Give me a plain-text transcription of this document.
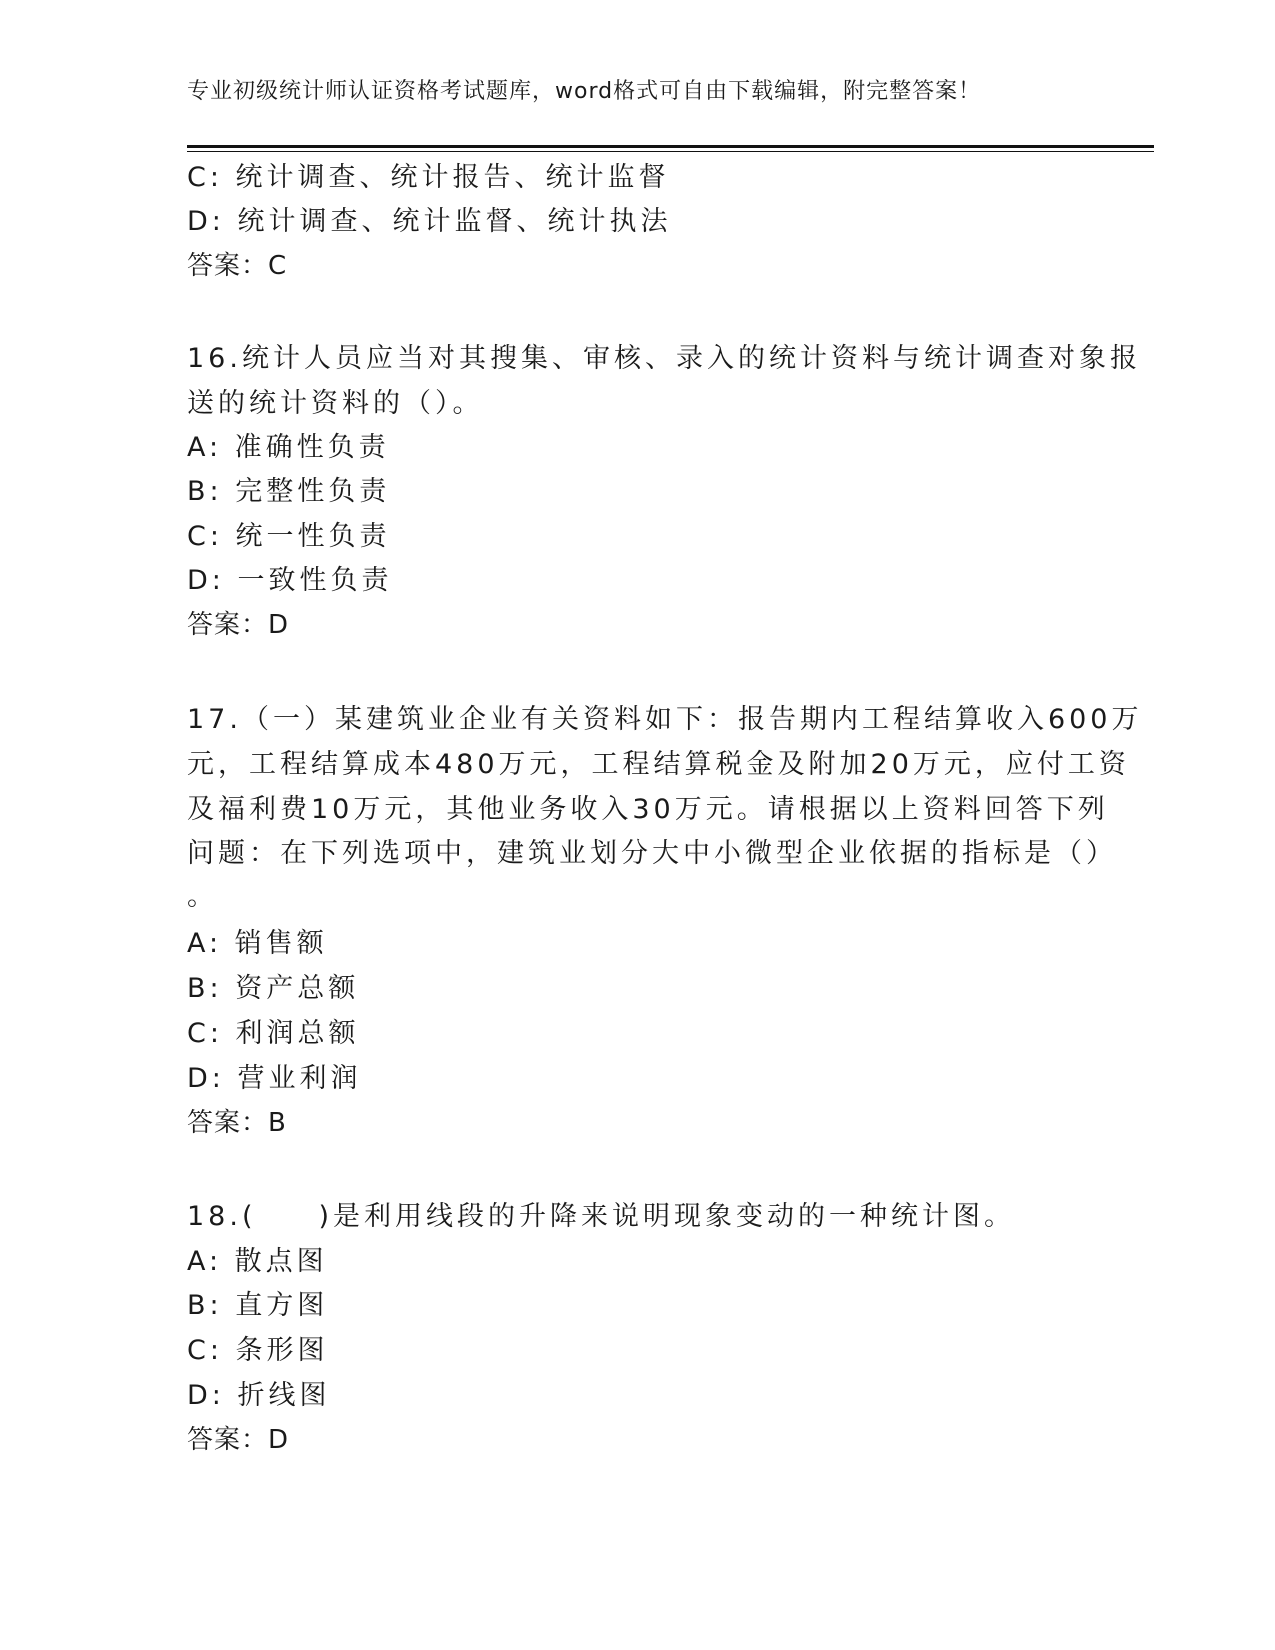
专业初级统计师认证资格考试题库，word格式可自由下载编辑，附完整答案！
C: 统计调查、统计报告、统计监督
D: 统计调查、统计监督、统计执法
答案：C
16.统计人员应当对其搜集、审核、录入的统计资料与统计调查对象报
送的统计资料的（）。
A: 准确性负责
B: 完整性负责
C: 统一性负责
D: 一致性负责
答案：D
17.（一）某建筑业企业有关资料如下：报告期内工程结算收入600万
元，工程结算成本480万元，工程结算税金及附加20万元，应付工资
及福利费10万元，其他业务收入30万元。请根据以上资料回答下列
问题：在下列选项中，建筑业划分大中小微型企业依据的指标是（）
。
A: 销售额
B: 资产总额
C: 利润总额
D: 营业利润
答案：B
18.(　　)是利用线段的升降来说明现象变动的一种统计图。
A: 散点图
B: 直方图
C: 条形图
D: 折线图
答案：D
